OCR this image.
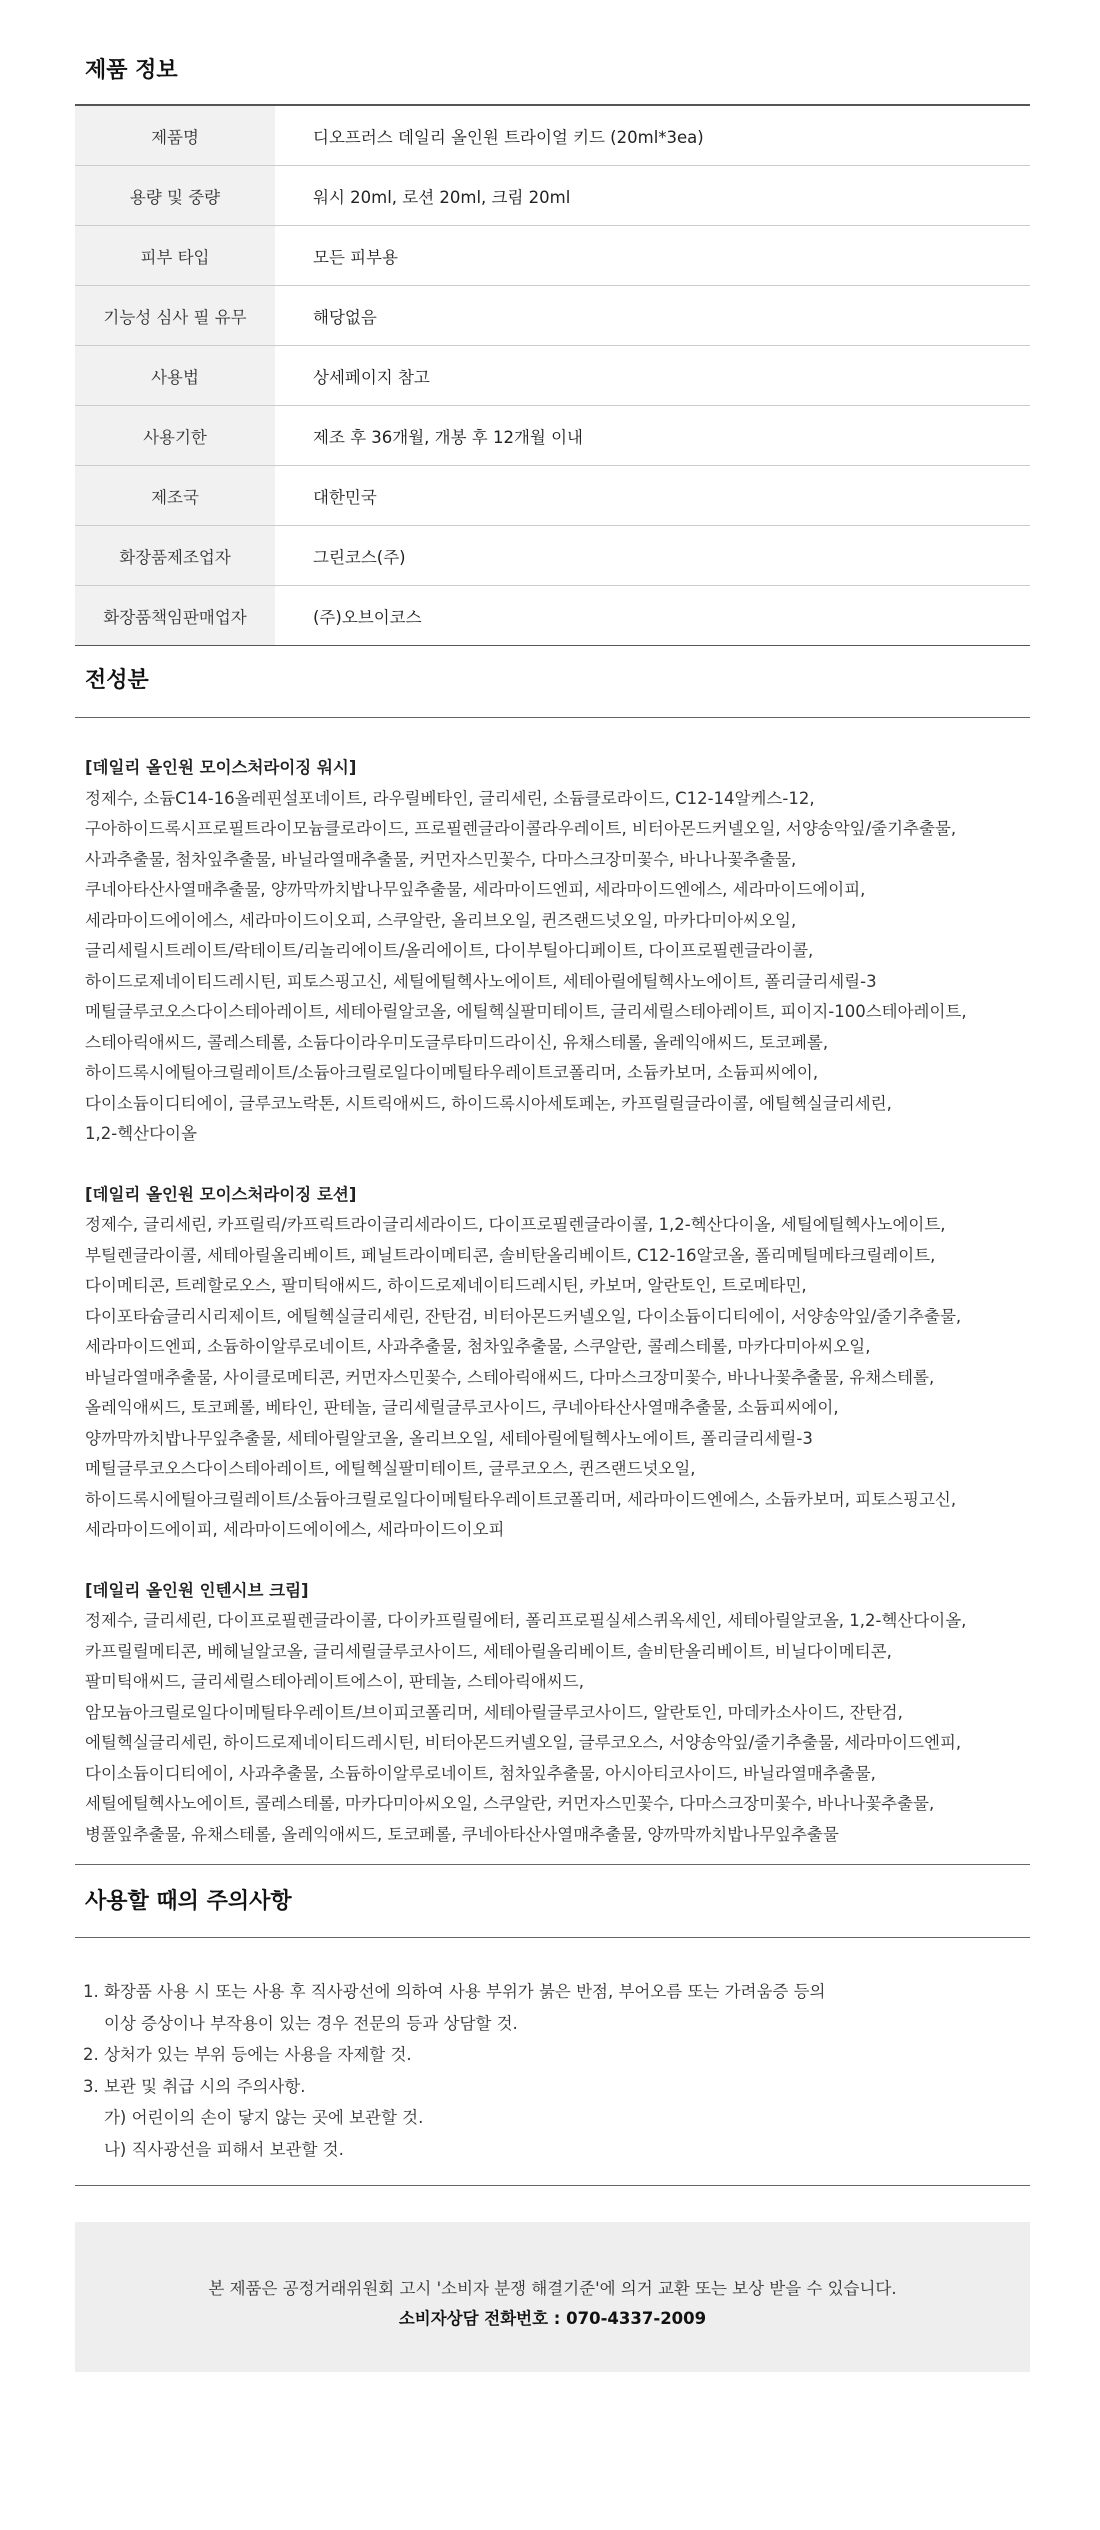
제품 정보
제품명	디오프러스 데일리 올인원 트라이얼 키드 (20ml*3ea)
용량 및 중량	워시 20ml, 로션 20ml, 크림 20ml
피부 타입	모든 피부용
기능성 심사 필 유무	해당없음
사용법	상세페이지 참고
사용기한	제조 후 36개월, 개봉 후 12개월 이내
제조국	대한민국
화장품제조업자	그린코스(주)
화장품책임판매업자	(주)오브이코스
전성분
[데일리 올인원 모이스처라이징 워시]
정제수, 소듐C14-16올레핀설포네이트, 라우릴베타인, 글리세린, 소듐클로라이드, C12-14알케스-12,
구아하이드록시프로필트라이모늄클로라이드, 프로필렌글라이콜라우레이트, 비터아몬드커넬오일, 서양송악잎/줄기추출물,
사과추출물, 첨차잎추출물, 바닐라열매추출물, 커먼자스민꽃수, 다마스크장미꽃수, 바나나꽃추출물,
쿠네아타산사열매추출물, 양까막까치밥나무잎추출물, 세라마이드엔피, 세라마이드엔에스, 세라마이드에이피,
세라마이드에이에스, 세라마이드이오피, 스쿠알란, 올리브오일, 퀸즈랜드넛오일, 마카다미아씨오일,
글리세릴시트레이트/락테이트/리놀리에이트/올리에이트, 다이부틸아디페이트, 다이프로필렌글라이콜,
하이드로제네이티드레시틴, 피토스핑고신, 세틸에틸헥사노에이트, 세테아릴에틸헥사노에이트, 폴리글리세릴-3
메틸글루코오스다이스테아레이트, 세테아릴알코올, 에틸헥실팔미테이트, 글리세릴스테아레이트, 피이지-100스테아레이트,
스테아릭애씨드, 콜레스테롤, 소듐다이라우미도글루타미드라이신, 유채스테롤, 올레익애씨드, 토코페롤,
하이드록시에틸아크릴레이트/소듐아크릴로일다이메틸타우레이트코폴리머, 소듐카보머, 소듐피씨에이,
다이소듐이디티에이, 글루코노락톤, 시트릭애씨드, 하이드록시아세토페논, 카프릴릴글라이콜, 에틸헥실글리세린,
1,2-헥산다이올
[데일리 올인원 모이스처라이징 로션]
정제수, 글리세린, 카프릴릭/카프릭트라이글리세라이드, 다이프로필렌글라이콜, 1,2-헥산다이올, 세틸에틸헥사노에이트,
부틸렌글라이콜, 세테아릴올리베이트, 페닐트라이메티콘, 솔비탄올리베이트, C12-16알코올, 폴리메틸메타크릴레이트,
다이메티콘, 트레할로오스, 팔미틱애씨드, 하이드로제네이티드레시틴, 카보머, 알란토인, 트로메타민,
다이포타슘글리시리제이트, 에틸헥실글리세린, 잔탄검, 비터아몬드커넬오일, 다이소듐이디티에이, 서양송악잎/줄기추출물,
세라마이드엔피, 소듐하이알루로네이트, 사과추출물, 첨차잎추출물, 스쿠알란, 콜레스테롤, 마카다미아씨오일,
바닐라열매추출물, 사이클로메티콘, 커먼자스민꽃수, 스테아릭애씨드, 다마스크장미꽃수, 바나나꽃추출물, 유채스테롤,
올레익애씨드, 토코페롤, 베타인, 판테놀, 글리세릴글루코사이드, 쿠네아타산사열매추출물, 소듐피씨에이,
양까막까치밥나무잎추출물, 세테아릴알코올, 올리브오일, 세테아릴에틸헥사노에이트, 폴리글리세릴-3
메틸글루코오스다이스테아레이트, 에틸헥실팔미테이트, 글루코오스, 퀸즈랜드넛오일,
하이드록시에틸아크릴레이트/소듐아크릴로일다이메틸타우레이트코폴리머, 세라마이드엔에스, 소듐카보머, 피토스핑고신,
세라마이드에이피, 세라마이드에이에스, 세라마이드이오피
[데일리 올인원 인텐시브 크림]
정제수, 글리세린, 다이프로필렌글라이콜, 다이카프릴릴에터, 폴리프로필실세스퀴옥세인, 세테아릴알코올, 1,2-헥산다이올,
카프릴릴메티콘, 베헤닐알코올, 글리세릴글루코사이드, 세테아릴올리베이트, 솔비탄올리베이트, 비닐다이메티콘,
팔미틱애씨드, 글리세릴스테아레이트에스이, 판테놀, 스테아릭애씨드,
암모늄아크릴로일다이메틸타우레이트/브이피코폴리머, 세테아릴글루코사이드, 알란토인, 마데카소사이드, 잔탄검,
에틸헥실글리세린, 하이드로제네이티드레시틴, 비터아몬드커넬오일, 글루코오스, 서양송악잎/줄기추출물, 세라마이드엔피,
다이소듐이디티에이, 사과추출물, 소듐하이알루로네이트, 첨차잎추출물, 아시아티코사이드, 바닐라열매추출물,
세틸에틸헥사노에이트, 콜레스테롤, 마카다미아씨오일, 스쿠알란, 커먼자스민꽃수, 다마스크장미꽃수, 바나나꽃추출물,
병풀잎추출물, 유채스테롤, 올레익애씨드, 토코페롤, 쿠네아타산사열매추출물, 양까막까치밥나무잎추출물
사용할 때의 주의사항
1. 화장품 사용 시 또는 사용 후 직사광선에 의하여 사용 부위가 붉은 반점, 부어오름 또는 가려움증 등의
이상 증상이나 부작용이 있는 경우 전문의 등과 상담할 것.
2. 상처가 있는 부위 등에는 사용을 자제할 것.
3. 보관 및 취급 시의 주의사항.
가) 어린이의 손이 닿지 않는 곳에 보관할 것.
나) 직사광선을 피해서 보관할 것.
본 제품은 공정거래위원회 고시 '소비자 분쟁 해결기준'에 의거 교환 또는 보상 받을 수 있습니다.
소비자상담 전화번호 : 070-4337-2009
